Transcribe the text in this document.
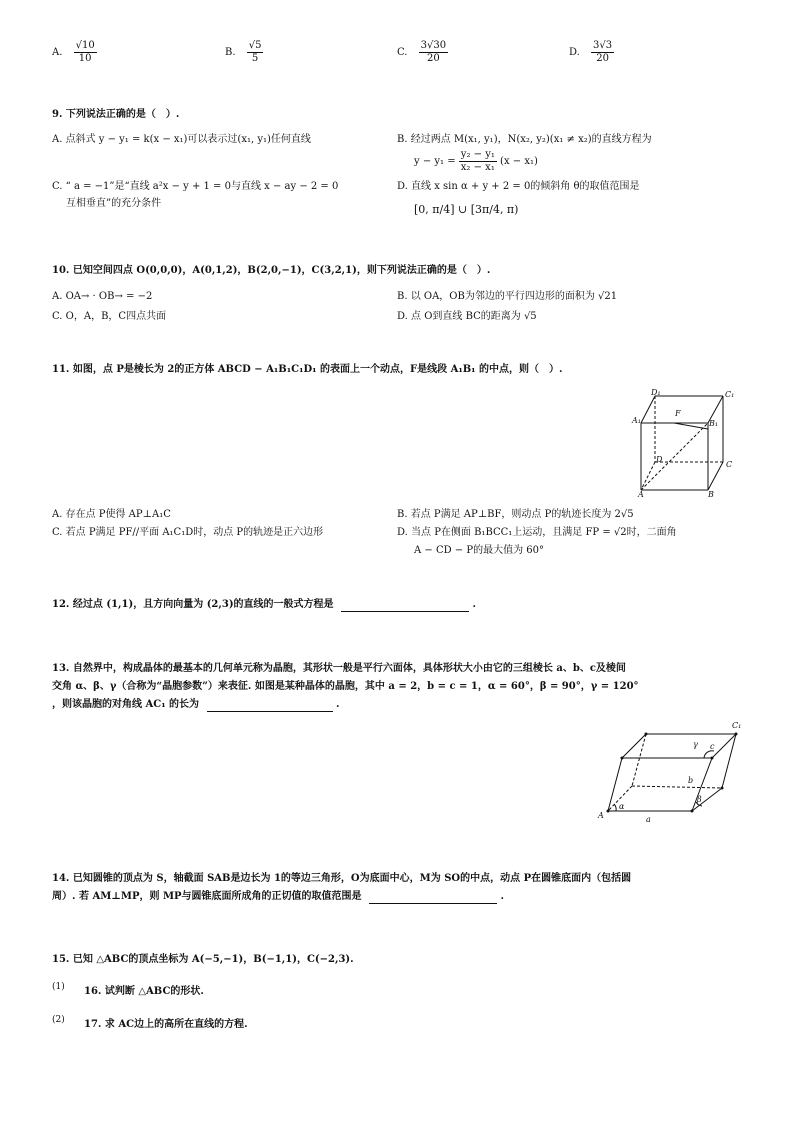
A. $\frac{√10}{10}$	B. $\frac{√5}{5}$	C. $\frac{3√30}{20}$	D. $\frac{3√3}{20}$
9. 下列说法正确的是（　）.
A. 点斜式 y − y₁ = k(x − x₁)可以表示过(x₁, y₁)任何直线	B. 经过两点 M(x₁, y₁)，N(x₂, y₂)(x₁ ≠ x₂)的直线方程为
$y - y_1 = \frac{\text{y₂ − y₁}}{\text{x₂ − x₁}} (x - x_1)$
C. “ a = −1”是“直线 a²x − y + 1 = 0与直线 x − ay − 2 = 0
互相垂直”的充分条件
D. 直线 x sin α + y + 2 = 0的倾斜角 θ的取值范围是
[0, π/4] ∪ [3π/4, π)
10. 已知空间四点 O(0,0,0)，A(0,1,2)，B(2,0,−1)，C(3,2,1)，则下列说法正确的是（　）.
A. OA→ · OB→ = −2	B. 以 OA，OB为邻边的平行四边形的面积为 √21
C. O，A，B，C四点共面	D. 点 O到直线 BC的距离为 √5
11. 如图，点 P是棱长为 2的正方体 ABCD − A₁B₁C₁D₁ 的表面上一个动点，F是线段 A₁B₁ 的中点，则（　）.
D₁	C₁
A₁	B₁
F
D
C
A	B
A. 存在点 P使得 AP⊥A₁C	B. 若点 P满足 AP⊥BF，则动点 P的轨迹长度为 2√5
C. 若点 P满足 PF//平面 A₁C₁D时，动点 P的轨迹是正六边形	D. 当点 P在侧面 B₁BCC₁上运动，且满足 FP = √2时，二面角
A − CD − P的最大值为 60°
12. 经过点 (1,1)，且方向向量为 (2,3)的直线的一般式方程是	.
13. 自然界中，构成晶体的最基本的几何单元称为晶胞，其形状一般是平行六面体，具体形状大小由它的三组棱长 a、b、c及棱间
交角 α、β、γ（合称为“晶胞参数”）来表征. 如图是某种晶体的晶胞，其中 a = 2，b = c = 1，α = 60°，β = 90°，γ = 120°
，则该晶胞的对角线 AC₁ 的长为	.
C₁
A	a
b
c
α
β
γ
14. 已知圆锥的顶点为 S，轴截面 SAB是边长为 1的等边三角形，O为底面中心，M为 SO的中点，动点 P在圆锥底面内（包括圆
周）. 若 AM⊥MP，则 MP与圆锥底面所成角的正切值的取值范围是	.
15. 已知 △ABC的顶点坐标为 A(−5,−1)，B(−1,1)，C(−2,3).
(1) 16. 试判断 △ABC的形状.
(2) 17. 求 AC边上的高所在直线的方程.
